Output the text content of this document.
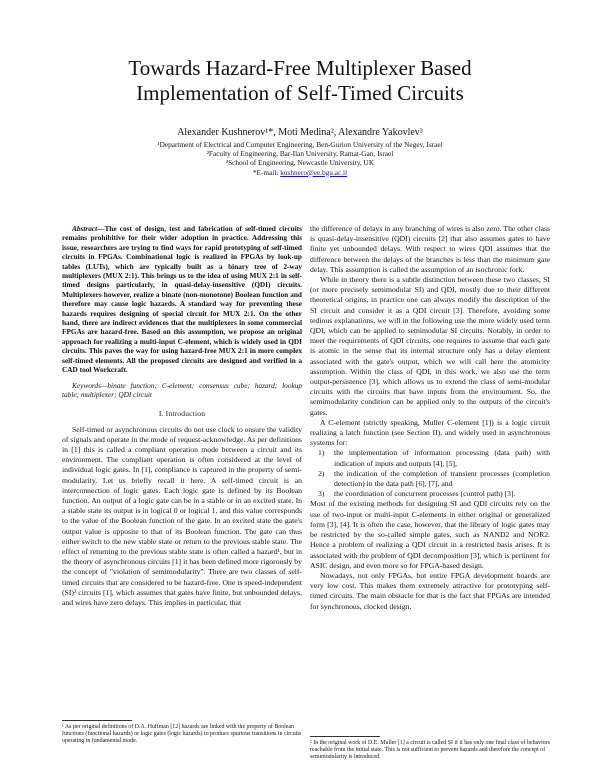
Towards Hazard-Free Multiplexer Based
Implementation of Self-Timed Circuits
Alexander Kushnerov¹*, Moti Medina², Alexandre Yakovlev³
¹Department of Electrical and Computer Engineering, Ben-Gurion University of the Negev, Israel
²Faculty of Engineering, Bar-Ilan University, Ramat-Gan, Israel
³School of Engineering, Newcastle University, UK
*E-mail: kushnero@ee.bgu.ac.il

Abstract—The cost of design, test and fabrication of self-timed circuits remains prohibitive for their wider adoption in practice. Addressing this issue, researchers are trying to find ways for rapid prototyping of self-timed circuits in FPGAs. Combinational logic is realized in FPGAs by look-up tables (LUTs), which are typically built as a binary tree of 2-way multiplexers (MUX 2:1). This brings us to the idea of using MUX 2:1 in self-timed designs particularly, in quasi-delay-insensitive (QDI) circuits. Multiplexers however, realize a binate (non-monotone) Boolean function and therefore may cause logic hazards. A standard way for preventing these hazards requires designing of special circuit for MUX 2:1. On the other hand, there are indirect evidences that the multiplexers in some commercial FPGAs are hazard-free. Based on this assumption, we propose an original approach for realizing a multi-input C-element, which is widely used in QDI circuits. This paves the way for using hazard-free MUX 2:1 in more complex self-timed elements. All the proposed circuits are designed and verified in a CAD tool Workcraft.

Keywords—binate function; C-element; consensus cube; hazard; lookup table; multiplexer; QDI circuit

I. Introduction

Self-timed or asynchronous circuits do not use clock to ensure the validity of signals and operate in the mode of request-acknowledge. As per definitions in [1] this is called a compliant operation mode between a circuit and its environment. The compliant operation is often considered at the level of individual logic gates. In [1], compliance is captured in the property of semi-modularity. Let us briefly recall it here. A self-timed circuit is an interconnection of logic gates. Each logic gate is defined by its Boolean function. An output of a logic gate can be in a stable or in an excited state. In a stable state its output is in logical 0 or logical 1, and this value corresponds to the value of the Boolean function of the gate. In an excited state the gate's output value is opposite to that of its Boolean function. The gate can thus either switch to the new stable state or return to the previous stable state. The effect of returning to the previous stable state is often called a hazard¹, but in the theory of asynchronous circuits [1] it has been defined more rigorously by the concept of "violation of semimodularity". There are two classes of self-timed circuits that are considered to be hazard-free. One is speed-independent (SI)² circuits [1], which assumes that gates have finite, but unbounded delays, and wires have zero delays. This implies in particular, that

the difference of delays in any branching of wires is also zero. The other class is quasi-delay-insensitive (QDI) circuits [2] that also assumes gates to have finite yet unbounded delays. With respect to wires QDI assumes that the difference between the delays of the branches is less than the minimum gate delay. This assumption is called the assumption of an isochronic fork.

While in theory there is a subtle distinction between these two classes, SI (or more precisely semimodular SI) and QDI, mostly due to their different theoretical origins, in practice one can always modify the description of the SI circuit and consider it as a QDI circuit [3]. Therefore, avoiding some tedious explanations, we will in the following use the more widely used term QDI, which can be applied to semimodular SI circuits. Notably, in order to meet the requirements of QDI circuits, one requires to assume that each gate is atomic in the sense that its internal structure only has a delay element associated with the gate's output, which we will call here the atomicity assumption. Within the class of QDI, in this work, we also use the term output-persistence [3], which allows us to extend the class of semi-modular circuits with the circuits that have inputs from the environment. So, the semimodularity condition can be applied only to the outputs of the circuit's gates.

A C-element (strictly speaking, Muller C-element [1]) is a logic circuit realizing a latch function (see Section II), and widely used in asynchronous systems for:

1) the implementation of information processing (data path) with indication of inputs and outputs [4], [5],
2) the indication of the completion of transient processes (completion detection) in the data path [6], [7], and
3) the coordination of concurrent processes (control path) [3].

Most of the existing methods for designing SI and QDI circuits rely on the use of two-input or multi-input C-elements in either original or generalized form [3], [4]. It is often the case, however, that the library of logic gates may be restricted by the so-called simple gates, such as NAND2 and NOR2. Hence a problem of realizing a QDI circuit in a restricted basis arises. It is associated with the problem of QDI decomposition [3], which is pertinent for ASIC design, and even more so for FPGA-based design.

Nowadays, not only FPGAs, but entire FPGA development boards are very low cost. This makes them extremely attractive for prototyping self-timed circuits. The main obstacle for that is the fact that FPGAs are intended for synchronous, clocked design.

¹ As per original definitions of D.A. Huffman [12] hazards are linked with the property of Boolean functions (functional hazards) or logic gates (logic hazards) to produce spurious transitions in circuits operating in fundamental mode.	² In the original work of D.E. Muller [1] a circuit is called SI if it has only one final class of behaviors reachable from the initial state. This is not sufficient to prevent hazards and therefore the concept of semimodularity is introduced.
